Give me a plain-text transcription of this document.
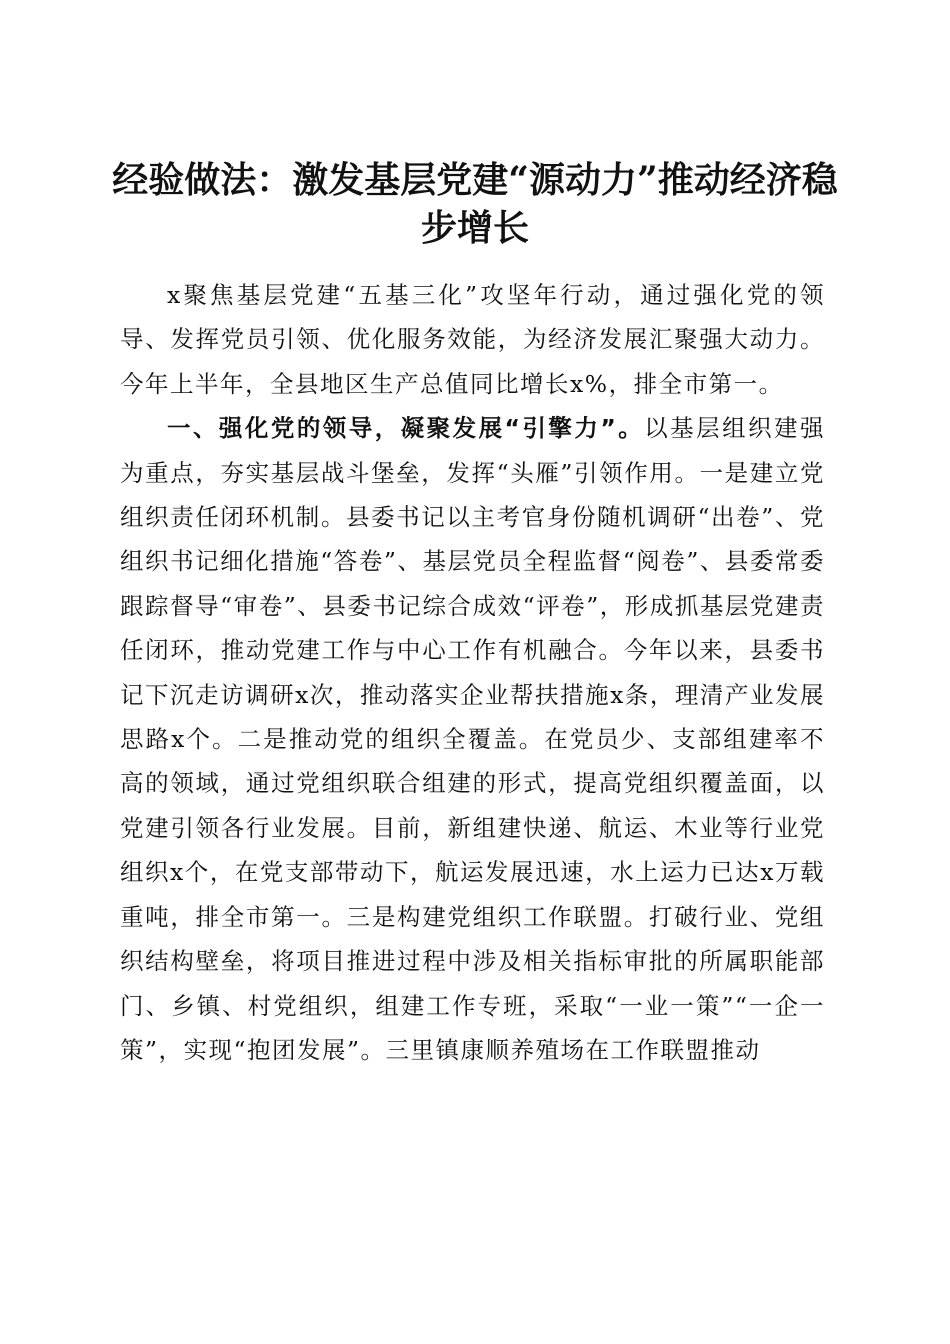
经验做法：激发基层党建“源动力”推动经济稳步增长

x聚焦基层党建“五基三化”攻坚年行动，通过强化党的领导、发挥党员引领、优化服务效能，为经济发展汇聚强大动力。今年上半年，全县地区生产总值同比增长x%，排全市第一。

一、强化党的领导，凝聚发展“引擎力”。以基层组织建强为重点，夯实基层战斗堡垒，发挥“头雁”引领作用。一是建立党组织责任闭环机制。县委书记以主考官身份随机调研“出卷”、党组织书记细化措施“答卷”、基层党员全程监督“阅卷”、县委常委跟踪督导“审卷”、县委书记综合成效“评卷”，形成抓基层党建责任闭环，推动党建工作与中心工作有机融合。今年以来，县委书记下沉走访调研x次，推动落实企业帮扶措施x条，理清产业发展思路x个。二是推动党的组织全覆盖。在党员少、支部组建率不高的领域，通过党组织联合组建的形式，提高党组织覆盖面，以党建引领各行业发展。目前，新组建快递、航运、木业等行业党组织x个，在党支部带动下，航运发展迅速，水上运力已达x万载重吨，排全市第一。三是构建党组织工作联盟。打破行业、党组织结构壁垒，将项目推进过程中涉及相关指标审批的所属职能部门、乡镇、村党组织，组建工作专班，采取“一业一策”“一企一策”，实现“抱团发展”。三里镇康顺养殖场在工作联盟推动
